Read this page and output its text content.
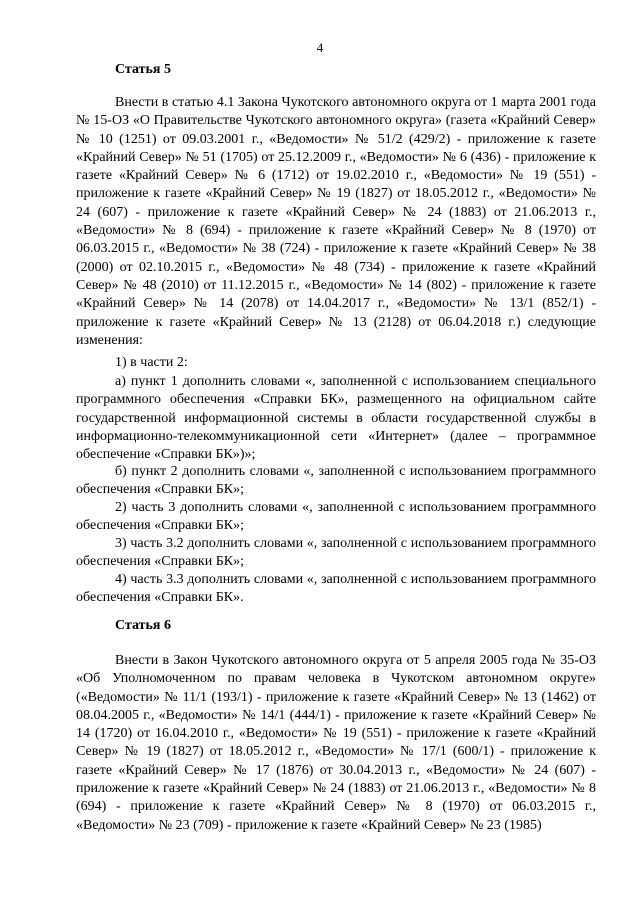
4
Статья 5

Внести в статью 4.1 Закона Чукотского автономного округа от 1 марта 2001 года № 15-ОЗ «О Правительстве Чукотского автономного округа» (газета «Крайний Север» № 10 (1251) от 09.03.2001 г., «Ведомости» № 51/2 (429/2) - приложение к газете «Крайний Север» № 51 (1705) от 25.12.2009 г., «Ведомости» № 6 (436) - приложение к газете «Крайний Север» № 6 (1712) от 19.02.2010 г., «Ведомости» № 19 (551) - приложение к газете «Крайний Север» № 19 (1827) от 18.05.2012 г., «Ведомости» № 24 (607) - приложение к газете «Крайний Север» № 24 (1883) от 21.06.2013 г., «Ведомости» № 8 (694) - приложение к газете «Крайний Север» № 8 (1970) от 06.03.2015 г., «Ведомости» № 38 (724) - приложение к газете «Крайний Север» № 38 (2000) от 02.10.2015 г., «Ведомости» № 48 (734) - приложение к газете «Крайний Север» № 48 (2010) от 11.12.2015 г., «Ведомости» № 14 (802) - приложение к газете «Крайний Север» № 14 (2078) от 14.04.2017 г., «Ведомости» № 13/1 (852/1) - приложение к газете «Крайний Север» № 13 (2128) от 06.04.2018 г.) следующие изменения:

1) в части 2:

а) пункт 1 дополнить словами «, заполненной с использованием специального программного обеспечения «Справки БК», размещенного на официальном сайте государственной информационной системы в области государственной службы в информационно-телекоммуникационной сети «Интернет» (далее – программное обеспечение «Справки БК»)»;

б) пункт 2 дополнить словами «, заполненной с использованием программного обеспечения «Справки БК»;

2) часть 3 дополнить словами «, заполненной с использованием программного обеспечения «Справки БК»;

3) часть 3.2 дополнить словами «, заполненной с использованием программного обеспечения «Справки БК»;

4) часть 3.3 дополнить словами «, заполненной с использованием программного обеспечения «Справки БК».

Статья 6

Внести в Закон Чукотского автономного округа от 5 апреля 2005 года № 35-ОЗ «Об Уполномоченном по правам человека в Чукотском автономном округе» («Ведомости» № 11/1 (193/1) - приложение к газете «Крайний Север» № 13 (1462) от 08.04.2005 г., «Ведомости» № 14/1 (444/1) - приложение к газете «Крайний Север» № 14 (1720) от 16.04.2010 г., «Ведомости» № 19 (551) - приложение к газете «Крайний Север» № 19 (1827) от 18.05.2012 г., «Ведомости» № 17/1 (600/1) - приложение к газете «Крайний Север» № 17 (1876) от 30.04.2013 г., «Ведомости» № 24 (607) - приложение к газете «Крайний Север» № 24 (1883) от 21.06.2013 г., «Ведомости» № 8 (694) - приложение к газете «Крайний Север» № 8 (1970) от 06.03.2015 г., «Ведомости» № 23 (709) - приложение к газете «Крайний Север» № 23 (1985)
